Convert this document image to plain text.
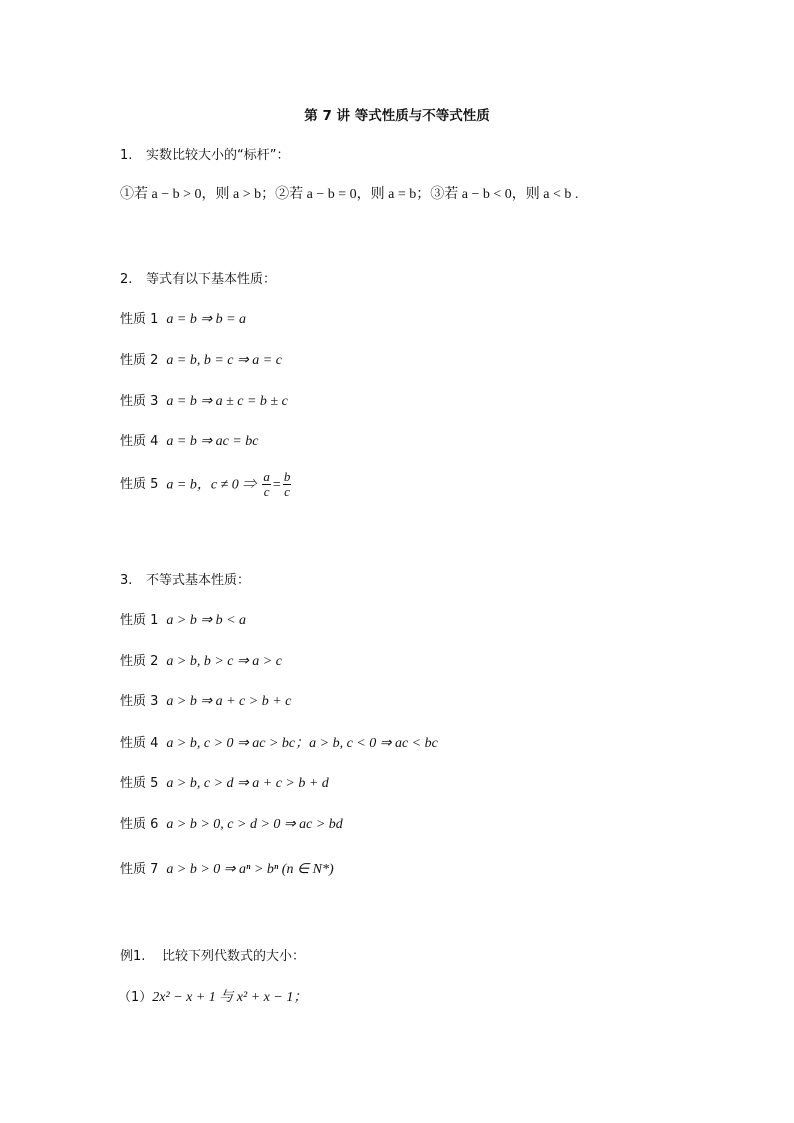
第 7 讲 等式性质与不等式性质
1. 实数比较大小的“标杆”：
①若 a − b > 0，则 a > b；②若 a − b = 0，则 a = b；③若 a − b < 0，则 a < b .
2. 等式有以下基本性质：
性质 1 a = b ⇒ b = a
性质 2 a = b, b = c ⇒ a = c
性质 3 a = b ⇒ a ± c = b ± c
性质 4 a = b ⇒ ac = bc
性质 5 a = b，c ≠ 0 ⇒ $\frac{a}{c} = \frac{b}{c}$
3. 不等式基本性质：
性质 1 a > b ⇒ b < a
性质 2 a > b, b > c ⇒ a > c
性质 3 a > b ⇒ a + c > b + c
性质 4 a > b, c > 0 ⇒ ac > bc；a > b, c < 0 ⇒ ac < bc
性质 5 a > b, c > d ⇒ a + c > b + d
性质 6 a > b > 0, c > d > 0 ⇒ ac > bd
性质 7 a > b > 0 ⇒ aⁿ > bⁿ (n ∈ N*)
例1. 比较下列代数式的大小：
（1）2x² − x + 1 与 x² + x − 1；
